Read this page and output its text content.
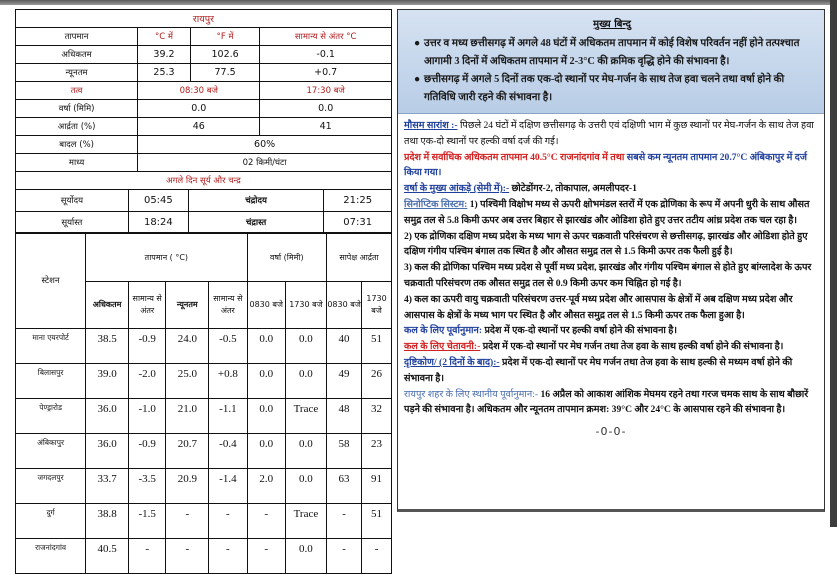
रायपुर			
तापमान	°C में	°F में	सामान्य से अंतर °C
अधिकतम	39.2	102.6	-0.1
न्यूनतम	25.3	77.5	+0.7
तत्व	08:30 बजे		17:30 बजे
वर्षा (मिमि)	0.0		0.0
आर्द्रता (%)	46		41
बादल (%)	60%		
माध्य	02 किमी/घंटा		
अगले दिन सूर्य और चन्द्र			
सूर्योदय	05:45	चंद्रोदय	21:25
सूर्यास्त	18:24	चंद्रास्त	07:31
स्टेशन	तापमान ( °C)				वर्षा (मिमी)		सापेक्ष आर्द्रता	
	अधिकतम	सामान्य से अंतर	न्यूनतम	सामान्य से अंतर	0830 बजे	1730 बजे	0830 बजे	1730 बजे
माना एयरपोर्ट	38.5	-0.9	24.0	-0.5	0.0	0.0	40	51
बिलासपुर	39.0	-2.0	25.0	+0.8	0.0	0.0	49	26
पेण्ड्रारोड	36.0	-1.0	21.0	-1.1	0.0	Trace	48	32
अंबिकापुर	36.0	-0.9	20.7	-0.4	0.0	0.0	58	23
जगदलपुर	33.7	-3.5	20.9	-1.4	2.0	0.0	63	91
दुर्ग	38.8	-1.5	-	-	-	Trace	-	51
राजनांदगांव	40.5	-	-	-	-	0.0	-	-
मुख्य बिन्दु
● उत्तर व मध्य छत्तीसगढ़ में अगले 48 घंटों में अधिकतम तापमान में कोई विशेष परिवर्तन नहीं होने तत्पश्चात आगामी 3 दिनों में अधिकतम तापमान में 2-3°C की क्रमिक वृद्धि होने की संभावना है।
● छत्तीसगढ़ में अगले 5 दिनों तक एक-दो स्थानों पर मेघ-गर्जन के साथ तेज हवा चलने तथा वर्षा होने की गतिविधि जारी रहने की संभावना है।

मौसम सारांश :- पिछले 24 घंटों में दक्षिण छत्तीसगढ़ के उत्तरी एवं दक्षिणी भाग में कुछ स्थानों पर मेघ-गर्जन के साथ तेज हवा तथा एक-दो स्थानों पर हल्की वर्षा दर्ज की गई।

प्रदेश में सर्वाधिक अधिकतम तापमान 40.5°C राजनांदगांव में तथा सबसे कम न्यूनतम तापमान 20.7°C अंबिकापुर में दर्ज किया गया।

वर्षा के मुख्य आंकड़े (सेमी में):- छोटेडोंगर-2, तोकापाल, अमलीपदर-1

सिनोप्टिक सिस्टम: 1) पश्चिमी विक्षोभ मध्य से ऊपरी क्षोभमंडल स्तरों में एक द्रोणिका के रूप में अपनी धुरी के साथ औसत समुद्र तल से 5.8 किमी ऊपर अब उत्तर बिहार से झारखंड और ओडिशा होते हुए उत्तर तटीय आंध्र प्रदेश तक चल रहा है।

2) एक द्रोणिका दक्षिण मध्य प्रदेश के मध्य भाग से ऊपर चक्रवाती परिसंचरण से छत्तीसगढ़, झारखंड और ओडिशा होते हुए दक्षिण गंगीय पश्चिम बंगाल तक स्थित है और औसत समुद्र तल से 1.5 किमी ऊपर तक फैली हुई है।

3) कल की द्रोणिका पश्चिम मध्य प्रदेश से पूर्वी मध्य प्रदेश, झारखंड और गंगीय पश्चिम बंगाल से होते हुए बांग्लादेश के ऊपर चक्रवाती परिसंचरण तक औसत समुद्र तल से 0.9 किमी ऊपर कम चिह्नित हो गई है।

4) कल का ऊपरी वायु चक्रवाती परिसंचरण उत्तर-पूर्व मध्य प्रदेश और आसपास के क्षेत्रों में अब दक्षिण मध्य प्रदेश और आसपास के क्षेत्रों के मध्य भाग पर स्थित है और औसत समुद्र तल से 1.5 किमी ऊपर तक फैला हुआ है।

कल के लिए पूर्वानुमान: प्रदेश में एक-दो स्थानों पर हल्की वर्षा होने की संभावना है।

कल के लिए चेतावनी:- प्रदेश में एक-दो स्थानों पर मेघ गर्जन तथा तेज हवा के साथ हल्की वर्षा होने की संभावना है।

दृष्टिकोण/ (2 दिनों के बाद):- प्रदेश में एक-दो स्थानों पर मेघ गर्जन तथा तेज हवा के साथ हल्की से मध्यम वर्षा होने की संभावना है।

रायपुर शहर के लिए स्थानीय पूर्वानुमान:- 16 अप्रैल को आकाश आंशिक मेघमय रहने तथा गरज चमक साथ के साथ बौछारें पड़ने की संभावना है। अधिकतम और न्यूनतम तापमान क्रमश: 39°C और 24°C के आसपास रहने की संभावना है।

-0-0-
